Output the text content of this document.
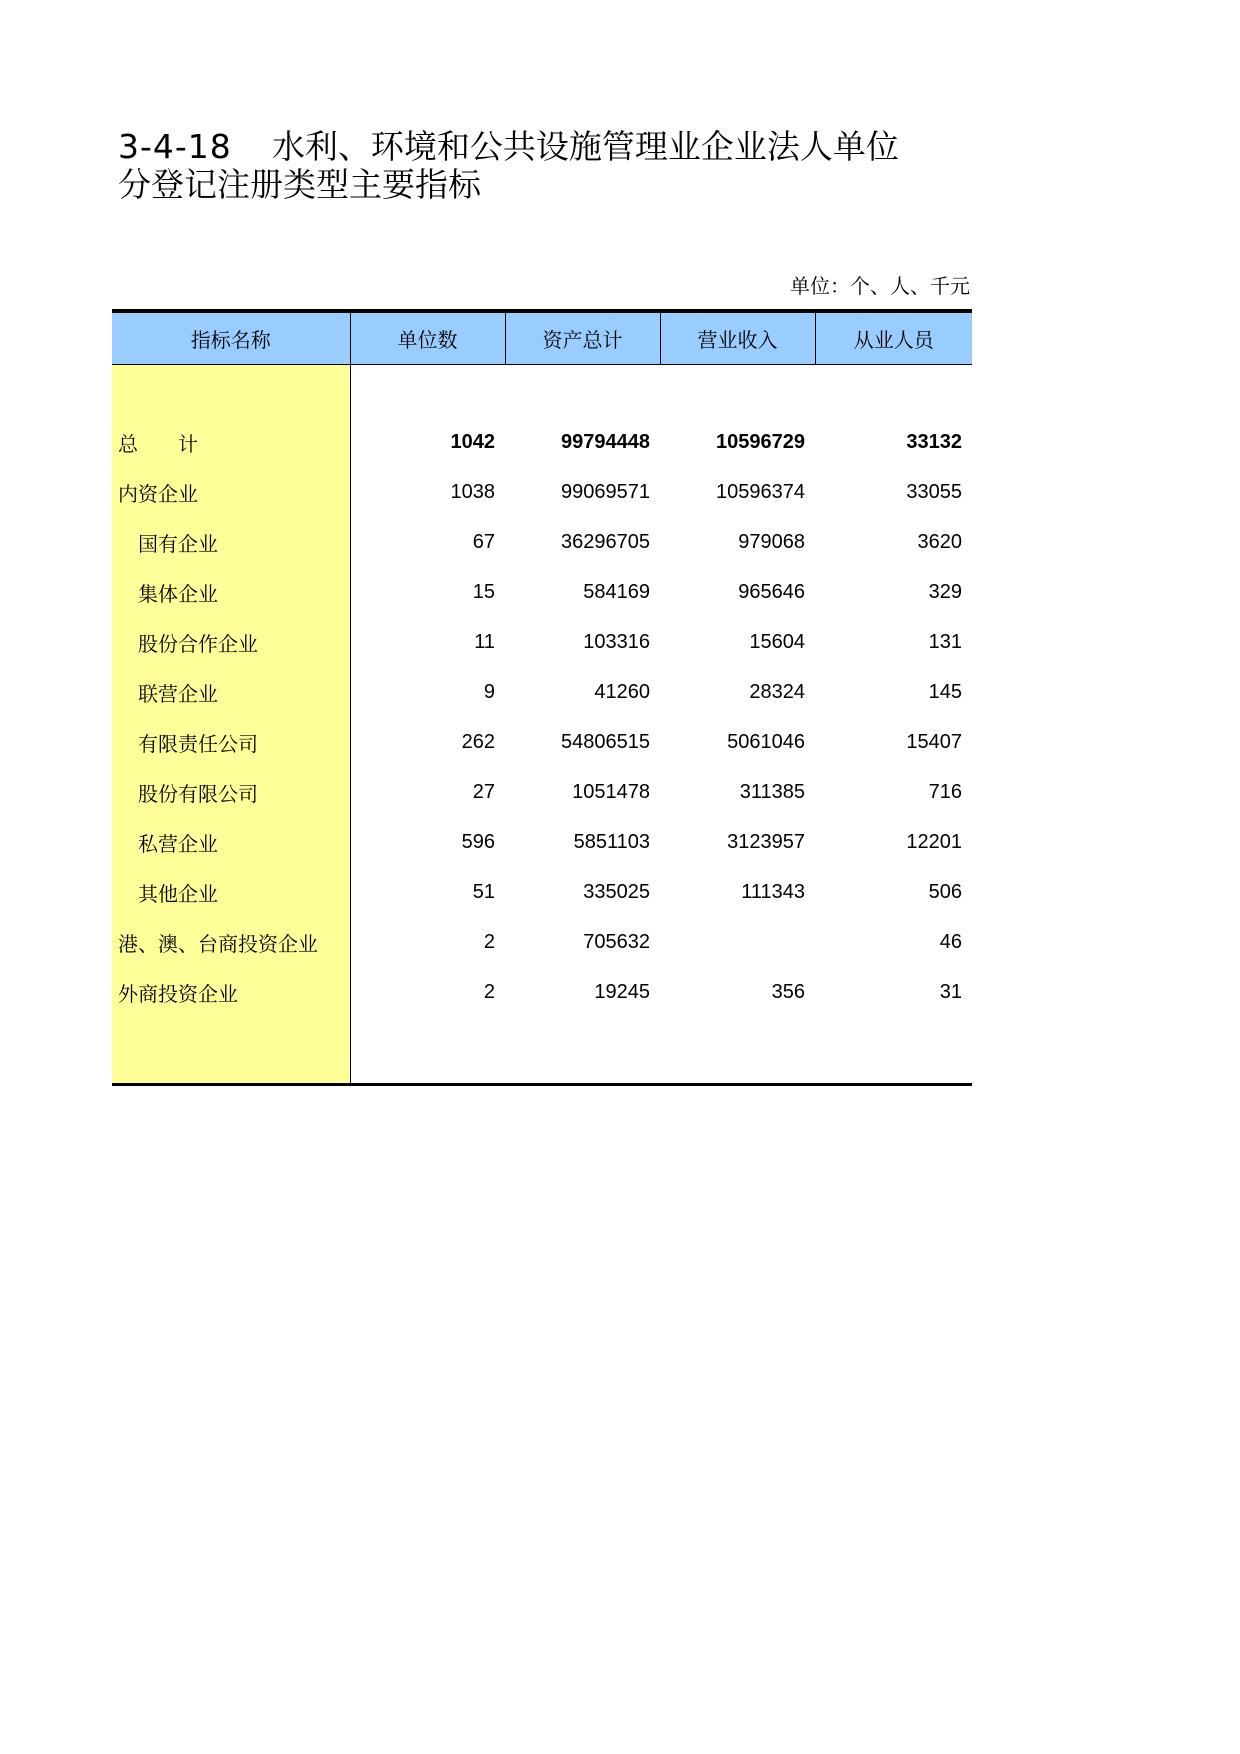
3-4-18 水利、环境和公共设施管理业企业法人单位
分登记注册类型主要指标
单位：个、人、千元
指标名称	单位数	资产总计	营业收入	从业人员

总　　计	1042	99794448	10596729	33132
内资企业	1038	99069571	10596374	33055
国有企业	67	36296705	979068	3620
集体企业	15	584169	965646	329
股份合作企业	11	103316	15604	131
联营企业	9	41260	28324	145
有限责任公司	262	54806515	5061046	15407
股份有限公司	27	1051478	311385	716
私营企业	596	5851103	3123957	12201
其他企业	51	335025	111343	506
港、澳、台商投资企业	2	705632		46
外商投资企业	2	19245	356	31
